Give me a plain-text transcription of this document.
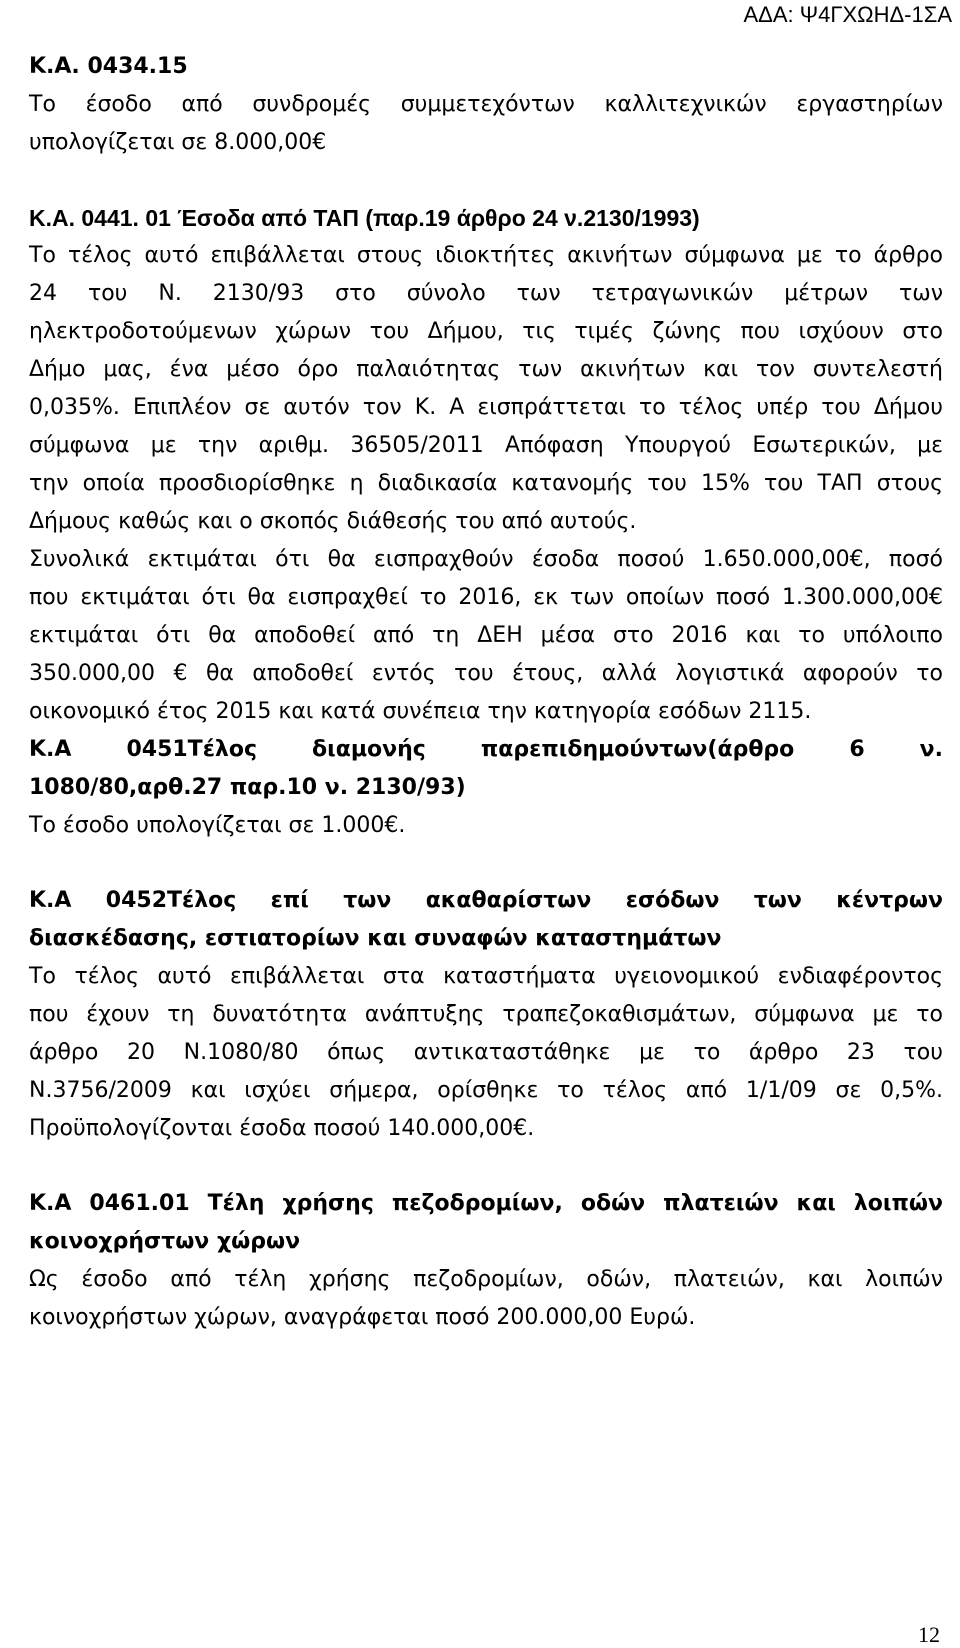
ΑΔΑ: Ψ4ΓΧΩΗΔ-1ΣΑ
Κ.Α. 0434.15
Το έσοδο από συνδρομές συμμετεχόντων καλλιτεχνικών εργαστηρίων
υπολογίζεται σε 8.000,00€
Κ.Α. 0441. 01 Έσοδα από ΤΑΠ (παρ.19 άρθρο 24 ν.2130/1993)
Το τέλος αυτό επιβάλλεται στους ιδιοκτήτες ακινήτων σύμφωνα με το άρθρο
24 του Ν. 2130/93 στο σύνολο των τετραγωνικών μέτρων των
ηλεκτροδοτούμενων χώρων του Δήμου, τις τιμές ζώνης που ισχύουν στο
Δήμο μας, ένα μέσο όρο παλαιότητας των ακινήτων και τον συντελεστή
0,035%. Επιπλέον σε αυτόν τον Κ. Α εισπράττεται το τέλος υπέρ του Δήμου
σύμφωνα με την αριθμ. 36505/2011 Απόφαση Υπουργού Εσωτερικών, με
την οποία προσδιορίσθηκε η διαδικασία κατανομής του 15% του ΤΑΠ στους
Δήμους καθώς και ο σκοπός διάθεσής του από αυτούς.
Συνολικά εκτιμάται ότι θα εισπραχθούν έσοδα ποσού 1.650.000,00€, ποσό
που εκτιμάται ότι θα εισπραχθεί το 2016, εκ των οποίων ποσό 1.300.000,00€
εκτιμάται ότι θα αποδοθεί από τη ΔΕΗ μέσα στο 2016 και το υπόλοιπο
350.000,00 € θα αποδοθεί εντός του έτους, αλλά λογιστικά αφορούν το
οικονομικό έτος 2015 και κατά συνέπεια την κατηγορία εσόδων 2115.
Κ.Α 0451Τέλος διαμονής παρεπιδημούντων(άρθρο 6 ν.
1080/80,αρθ.27 παρ.10 ν. 2130/93)
Το έσοδο υπολογίζεται σε 1.000€.
Κ.Α 0452Τέλος επί των ακαθαρίστων εσόδων των κέντρων
διασκέδασης, εστιατορίων και συναφών καταστημάτων
Το τέλος αυτό επιβάλλεται στα καταστήματα υγειονομικού ενδιαφέροντος
που έχουν τη δυνατότητα ανάπτυξης τραπεζοκαθισμάτων, σύμφωνα με το
άρθρο 20 Ν.1080/80 όπως αντικαταστάθηκε με το άρθρο 23 του
Ν.3756/2009 και ισχύει σήμερα, ορίσθηκε το τέλος από 1/1/09 σε 0,5%.
Προϋπολογίζονται έσοδα ποσού 140.000,00€.
Κ.Α 0461.01 Τέλη χρήσης πεζοδρομίων, οδών πλατειών και λοιπών
κοινοχρήστων χώρων
Ως έσοδο από τέλη χρήσης πεζοδρομίων, οδών, πλατειών, και λοιπών
κοινοχρήστων χώρων, αναγράφεται ποσό 200.000,00 Ευρώ.
12
